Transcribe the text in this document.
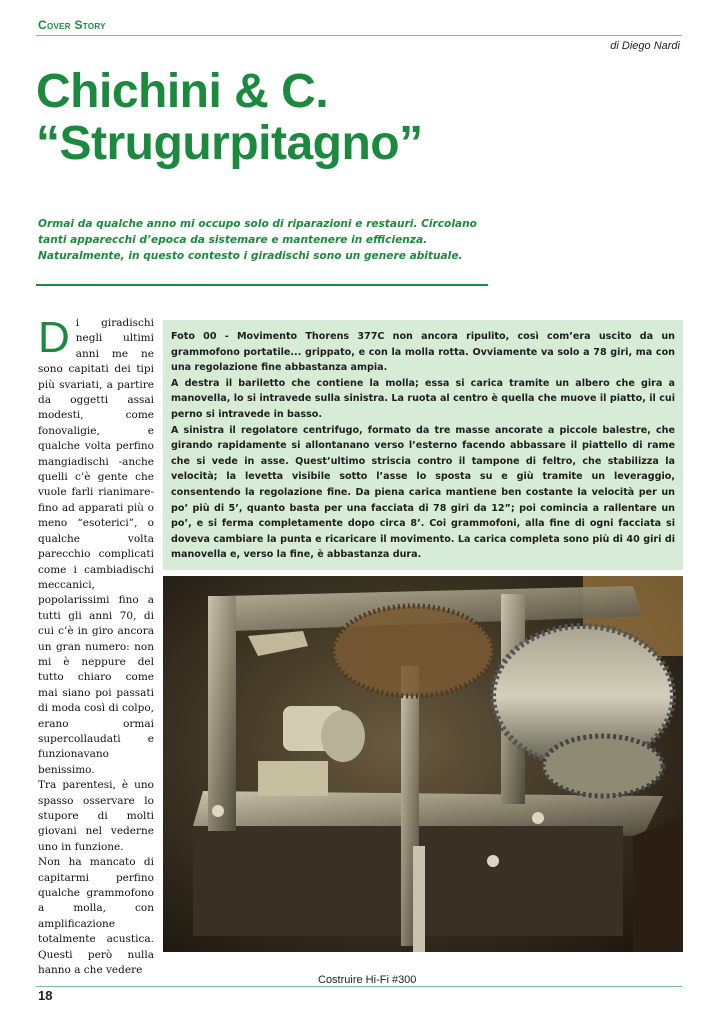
Cover Story
di Diego Nardi
Chichini & C.
“Strugurpitagno”
Ormai da qualche anno mi occupo solo di riparazioni e restauri. Circolano tanti apparecchi d’epoca da sistemare e mantenere in efficienza. Naturalmente, in questo contesto i giradischi sono un genere abituale.

Di giradischi negli ultimi anni me ne sono capitati dei tipi più svariati, a partire da oggetti assai modesti, come fonovaligie, e qualche volta perfino mangiadischi -anche quelli c’è gente che vuole farli rianimare- fino ad apparati più o meno “esoterici”, o qualche volta parecchio complicati come i cambiadischi meccanici, popolarissimi fino a tutti gli anni 70, di cui c’è in giro ancora un gran numero: non mi è neppure del tutto chiaro come mai siano poi passati di moda così di colpo, erano ormai supercollaudati e funzionavano benissimo.

Tra parentesi, è uno spasso osservare lo stupore di molti giovani nel vederne uno in funzione.

Non ha mancato di capitarmi perfino qualche grammofono a molla, con amplificazione totalmente acustica. Questi però nulla hanno a che vedere

Foto 00 - Movimento Thorens 377C non ancora ripulito, così com’era uscito da un grammofono portatile... grippato, e con la molla rotta. Ovviamente va solo a 78 giri, ma con una regolazione fine abbastanza ampia.

A destra il bariletto che contiene la molla; essa si carica tramite un albero che gira a manovella, lo si intravede sulla sinistra. La ruota al centro è quella che muove il piatto, il cui perno si intravede in basso.

A sinistra il regolatore centrifugo, formato da tre masse ancorate a piccole balestre, che girando rapidamente si allontanano verso l’esterno facendo abbassare il piattello di rame che si vede in asse. Quest’ultimo striscia contro il tampone di feltro, che stabilizza la velocità; la levetta visibile sotto l’asse lo sposta su e giù tramite un leveraggio, consentendo la regolazione fine. Da piena carica mantiene ben costante la velocità per un po’ più di 5’, quanto basta per una facciata di 78 giri da 12”; poi comincia a rallentare un po’, e si ferma completamente dopo circa 8’. Coi grammofoni, alla fine di ogni facciata si doveva cambiare la punta e ricaricare il movimento. La carica completa sono più di 40 giri di manovella e, verso la fine, è abbastanza dura.

Costruire Hi-Fi #300
18
